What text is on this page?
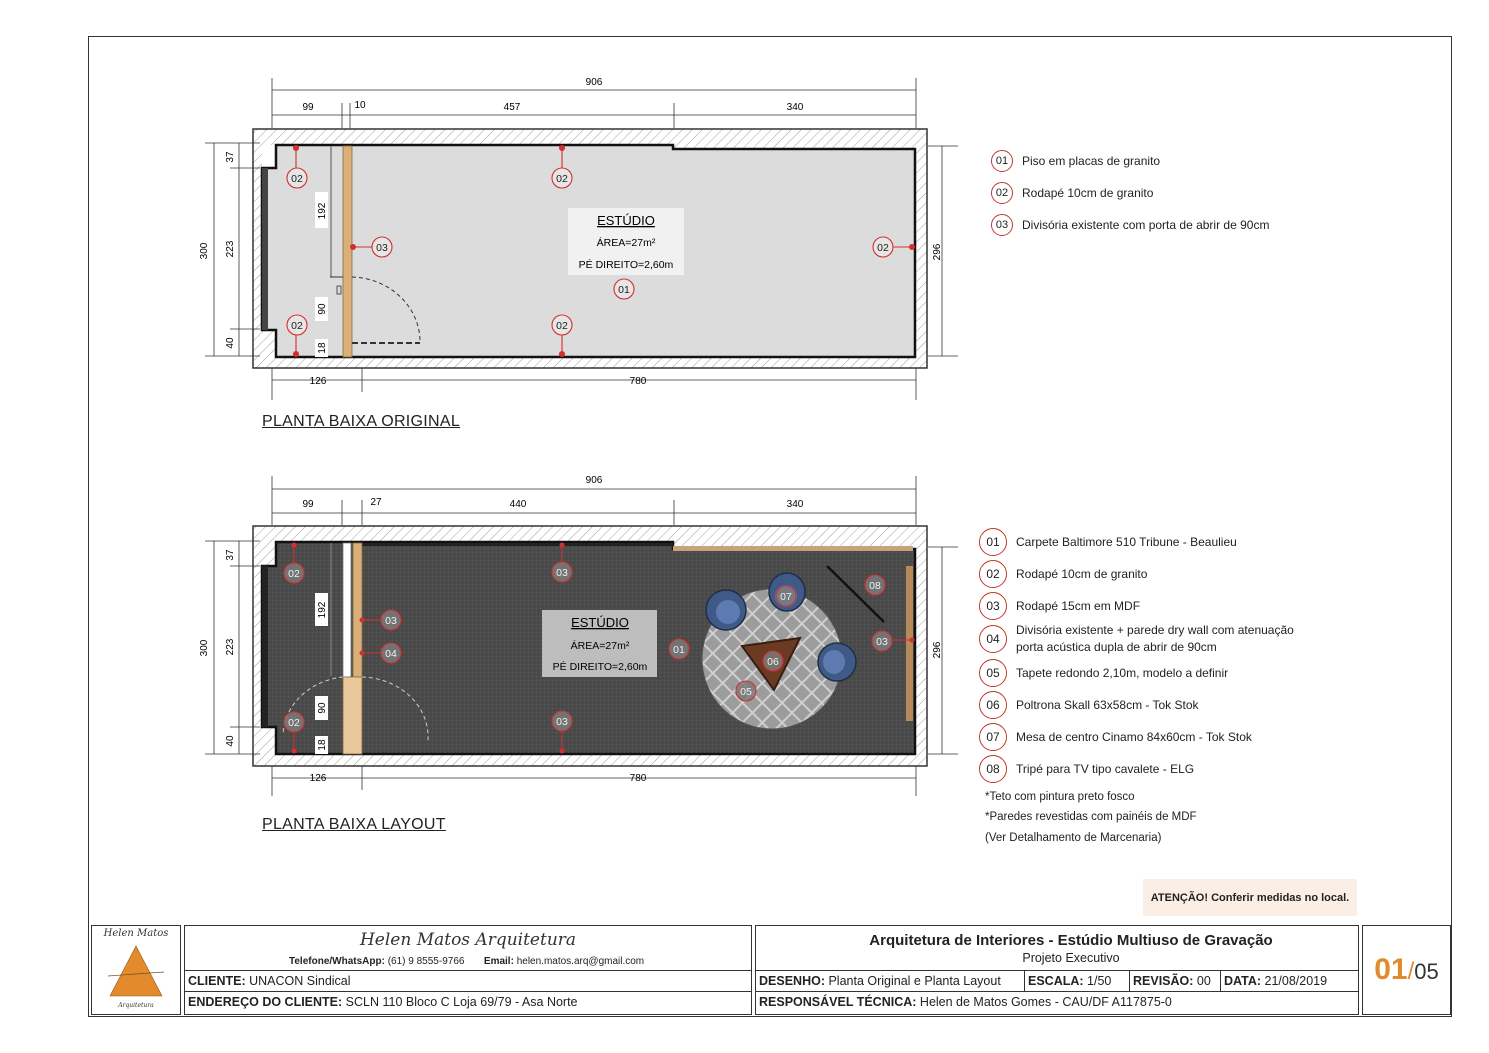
906
99	10	457	340
126	780
300
37
223
40
296
192
90
18
ESTÚDIO
ÁREA=27m²
PÉ DIREITO=2,60m
02	02
03	02
01
02	02
PLANTA BAIXA ORIGINAL
906
99	27	440	340
126	780
300
37
223
40
296
192
90
18
ESTÚDIO
ÁREA=27m²
PÉ DIREITO=2,60m
02	03
03
04
02	03
01
07
08
06
05
03
PLANTA BAIXA LAYOUT
01	Piso em placas de granito
02	Rodapé 10cm de granito
03	Divisória existente com porta de abrir de 90cm
01	Carpete Baltimore 510 Tribune - Beaulieu
02	Rodapé 10cm de granito
03	Rodapé 15cm em MDF
04
Divisória existente + parede dry wall com atenuação
porta acústica dupla de abrir de 90cm
05	Tapete redondo 2,10m, modelo a definir
06	Poltrona Skall 63x58cm - Tok Stok
07	Mesa de centro Cinamo 84x60cm - Tok Stok
08	Tripé para TV tipo cavalete - ELG
*Teto com pintura preto fosco
*Paredes revestidas com painéis de MDF
(Ver Detalhamento de Marcenaria)
ATENÇÃO! Conferir medidas no local.
Helen Matos
Arquitetura
Helen Matos Arquitetura
Telefone/WhatsApp: (61) 9 8555-9766 Email: helen.matos.arq@gmail.com
CLIENTE: UNACON Sindical
ENDEREÇO DO CLIENTE: SCLN 110 Bloco C Loja 69/79 - Asa Norte
Arquitetura de Interiores - Estúdio Multiuso de Gravação
Projeto Executivo
DESENHO: Planta Original e Planta Layout ESCALA: 1/50 REVISÃO: 00 DATA: 21/08/2019
RESPONSÁVEL TÉCNICA: Helen de Matos Gomes - CAU/DF A117875-0
01/05
